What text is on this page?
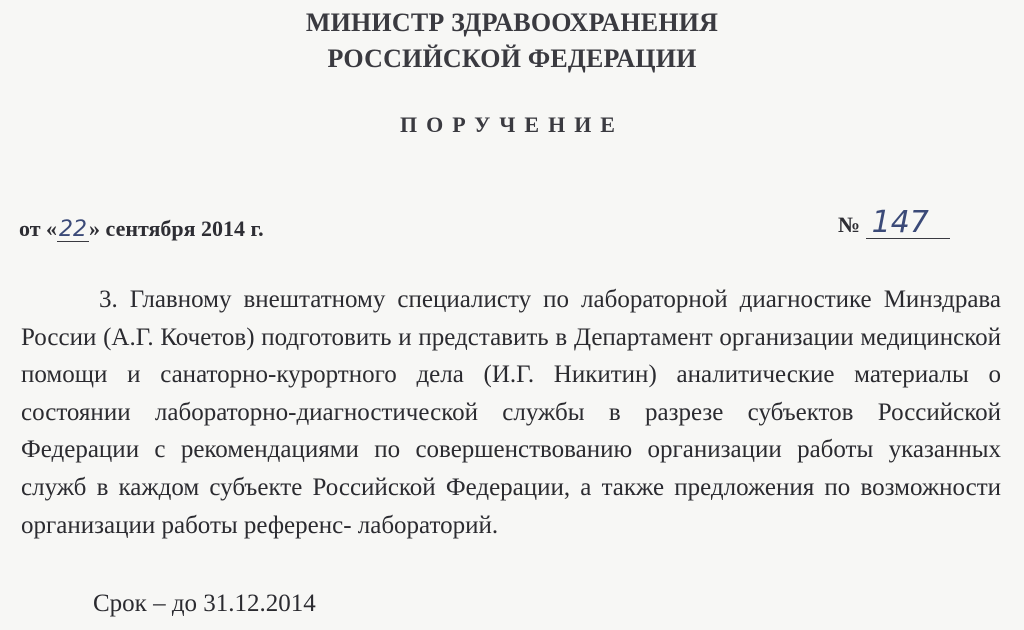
МИНИСТР ЗДРАВООХРАНЕНИЯ
РОССИЙСКОЙ ФЕДЕРАЦИИ
ПОРУЧЕНИЕ
от «22» сентября 2014 г.	№ 147
3. Главному внештатному специалисту по лабораторной диагностике Минздрава России (А.Г. Кочетов) подготовить и представить в Департамент организации медицинской помощи и санаторно-курортного дела (И.Г. Никитин) аналитические материалы о состоянии лабораторно-диагностической службы в разрезе субъектов Российской Федерации с рекомендациями по совершенствованию организации работы указанных служб в каждом субъекте Российской Федерации, а также предложения по возможности организации работы референс- лабораторий.
Срок – до 31.12.2014
